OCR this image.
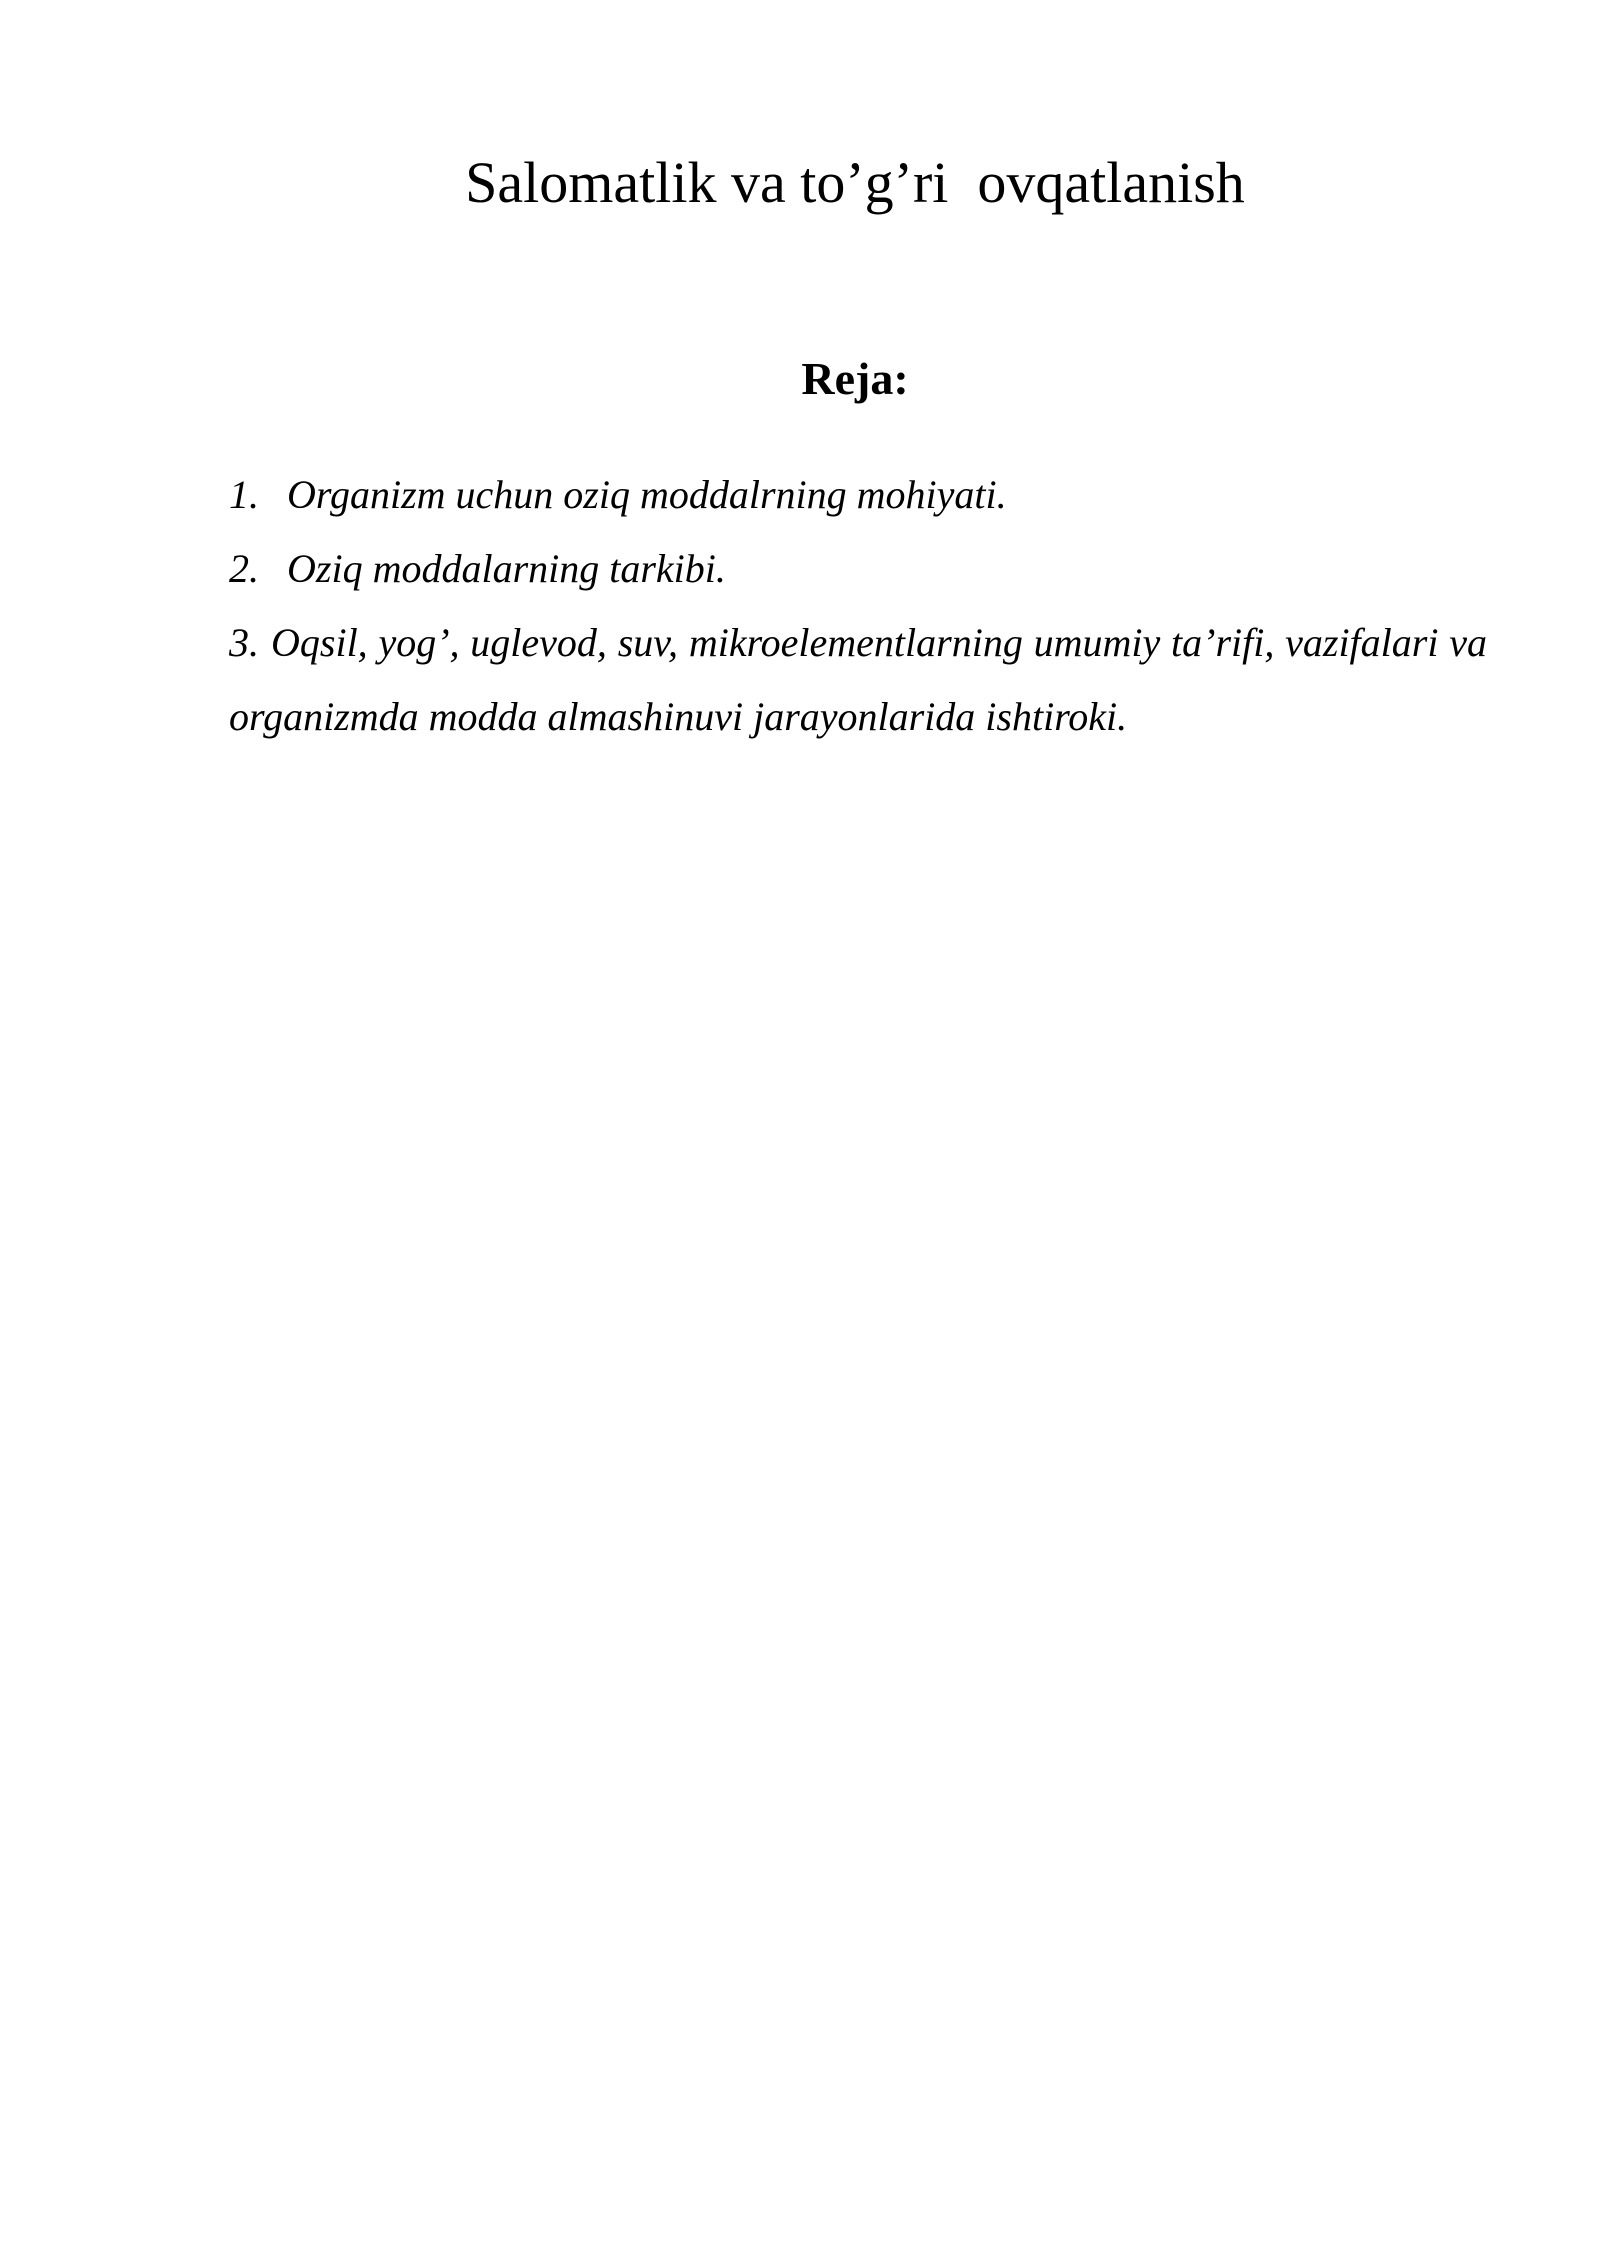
Salomatlik va to’g’ri  ovqatlanish
Reja:
1. Organizm uchun oziq moddalrning mohiyati.
2. Oziq moddalarning tarkibi.
3. Oqsil, yog’, uglevod, suv, mikroelementlarning umumiy ta’rifi, vazifalari va organizmda modda almashinuvi jarayonlarida ishtiroki.
